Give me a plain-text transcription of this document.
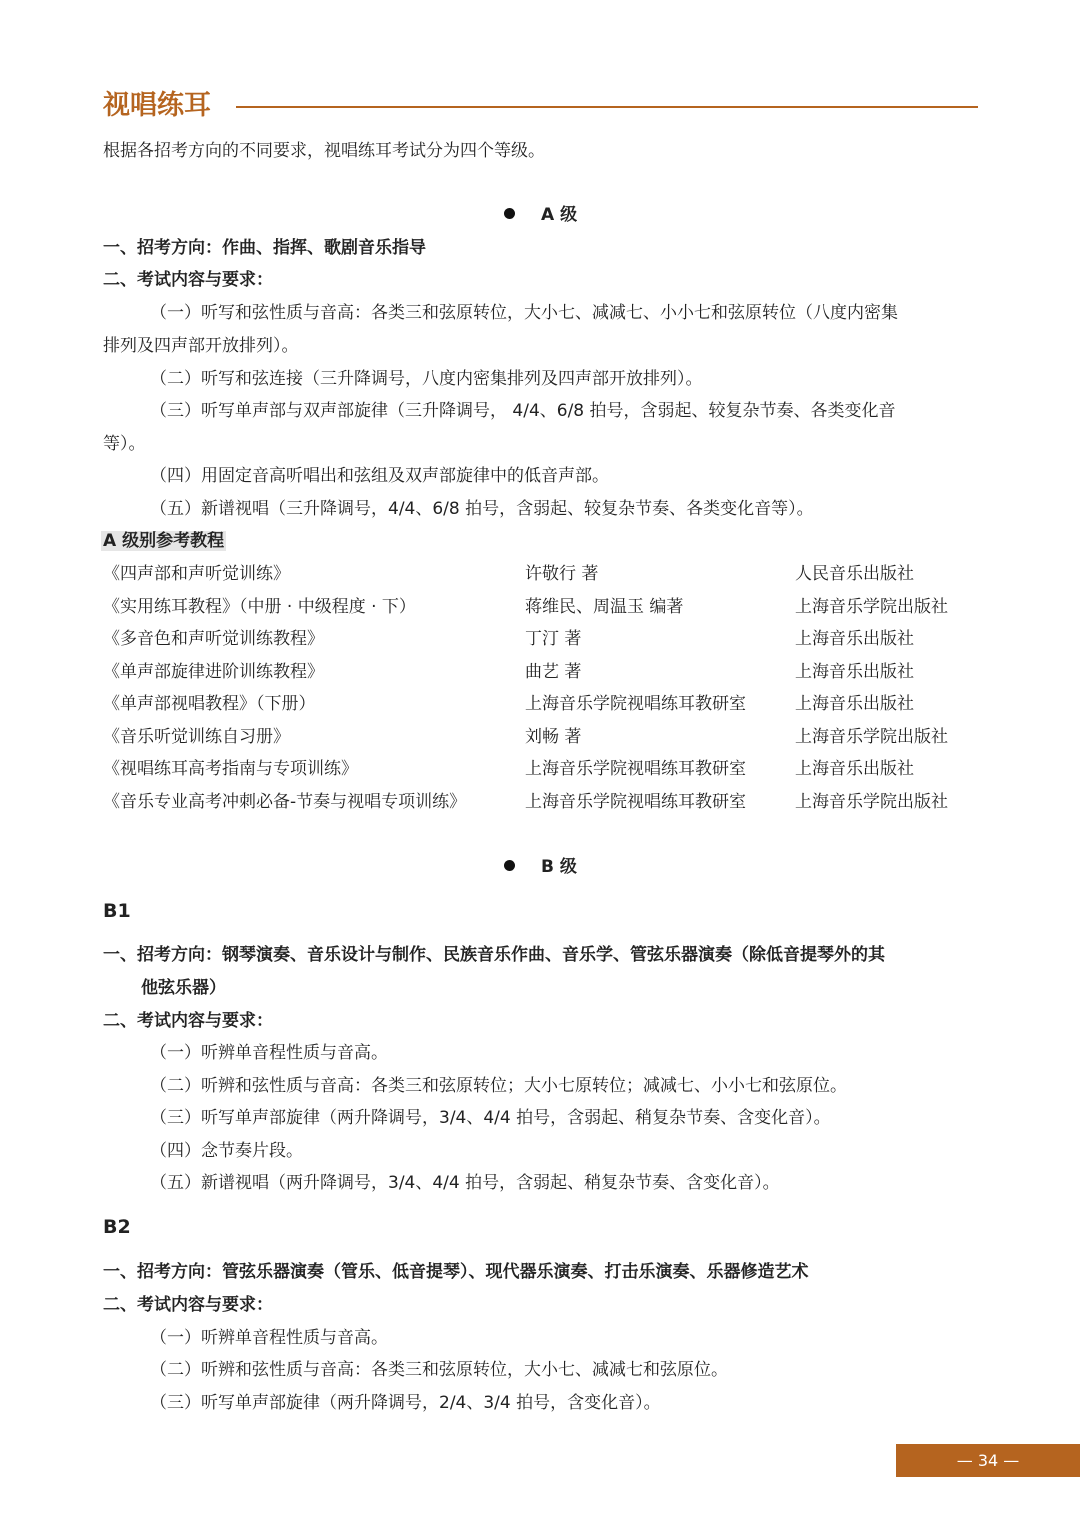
视唱练耳
根据各招考方向的不同要求，视唱练耳考试分为四个等级。
A 级
一、招考方向：作曲、指挥、歌剧音乐指导
二、考试内容与要求：
（一）听写和弦性质与音高：各类三和弦原转位，大小七、减减七、小小七和弦原转位（八度内密集
排列及四声部开放排列）。
（二）听写和弦连接（三升降调号，八度内密集排列及四声部开放排列）。
（三）听写单声部与双声部旋律（三升降调号， 4/4、6/8 拍号，含弱起、较复杂节奏、各类变化音
等）。
（四）用固定音高听唱出和弦组及双声部旋律中的低音声部。
（五）新谱视唱（三升降调号，4/4、6/8 拍号，含弱起、较复杂节奏、各类变化音等）。
A 级别参考教程
《四声部和声听觉训练》	许敬行 著	人民音乐出版社
《实用练耳教程》（中册 · 中级程度 · 下）	蒋维民、周温玉 编著	上海音乐学院出版社
《多音色和声听觉训练教程》	丁汀 著	上海音乐出版社
《单声部旋律进阶训练教程》	曲艺 著	上海音乐出版社
《单声部视唱教程》（下册）	上海音乐学院视唱练耳教研室	上海音乐出版社
《音乐听觉训练自习册》	刘畅 著	上海音乐学院出版社
《视唱练耳高考指南与专项训练》	上海音乐学院视唱练耳教研室	上海音乐出版社
《音乐专业高考冲刺必备-节奏与视唱专项训练》	上海音乐学院视唱练耳教研室	上海音乐学院出版社
B 级
B1
一、招考方向：钢琴演奏、音乐设计与制作、民族音乐作曲、音乐学、管弦乐器演奏（除低音提琴外的其
他弦乐器）
二、考试内容与要求：
（一）听辨单音程性质与音高。
（二）听辨和弦性质与音高：各类三和弦原转位；大小七原转位；减减七、小小七和弦原位。
（三）听写单声部旋律（两升降调号，3/4、4/4 拍号，含弱起、稍复杂节奏、含变化音）。
（四）念节奏片段。
（五）新谱视唱（两升降调号，3/4、4/4 拍号，含弱起、稍复杂节奏、含变化音）。
B2
一、招考方向：管弦乐器演奏（管乐、低音提琴）、现代器乐演奏、打击乐演奏、乐器修造艺术
二、考试内容与要求：
（一）听辨单音程性质与音高。
（二）听辨和弦性质与音高：各类三和弦原转位，大小七、减减七和弦原位。
（三）听写单声部旋律（两升降调号，2/4、3/4 拍号，含变化音）。
— 34 —
